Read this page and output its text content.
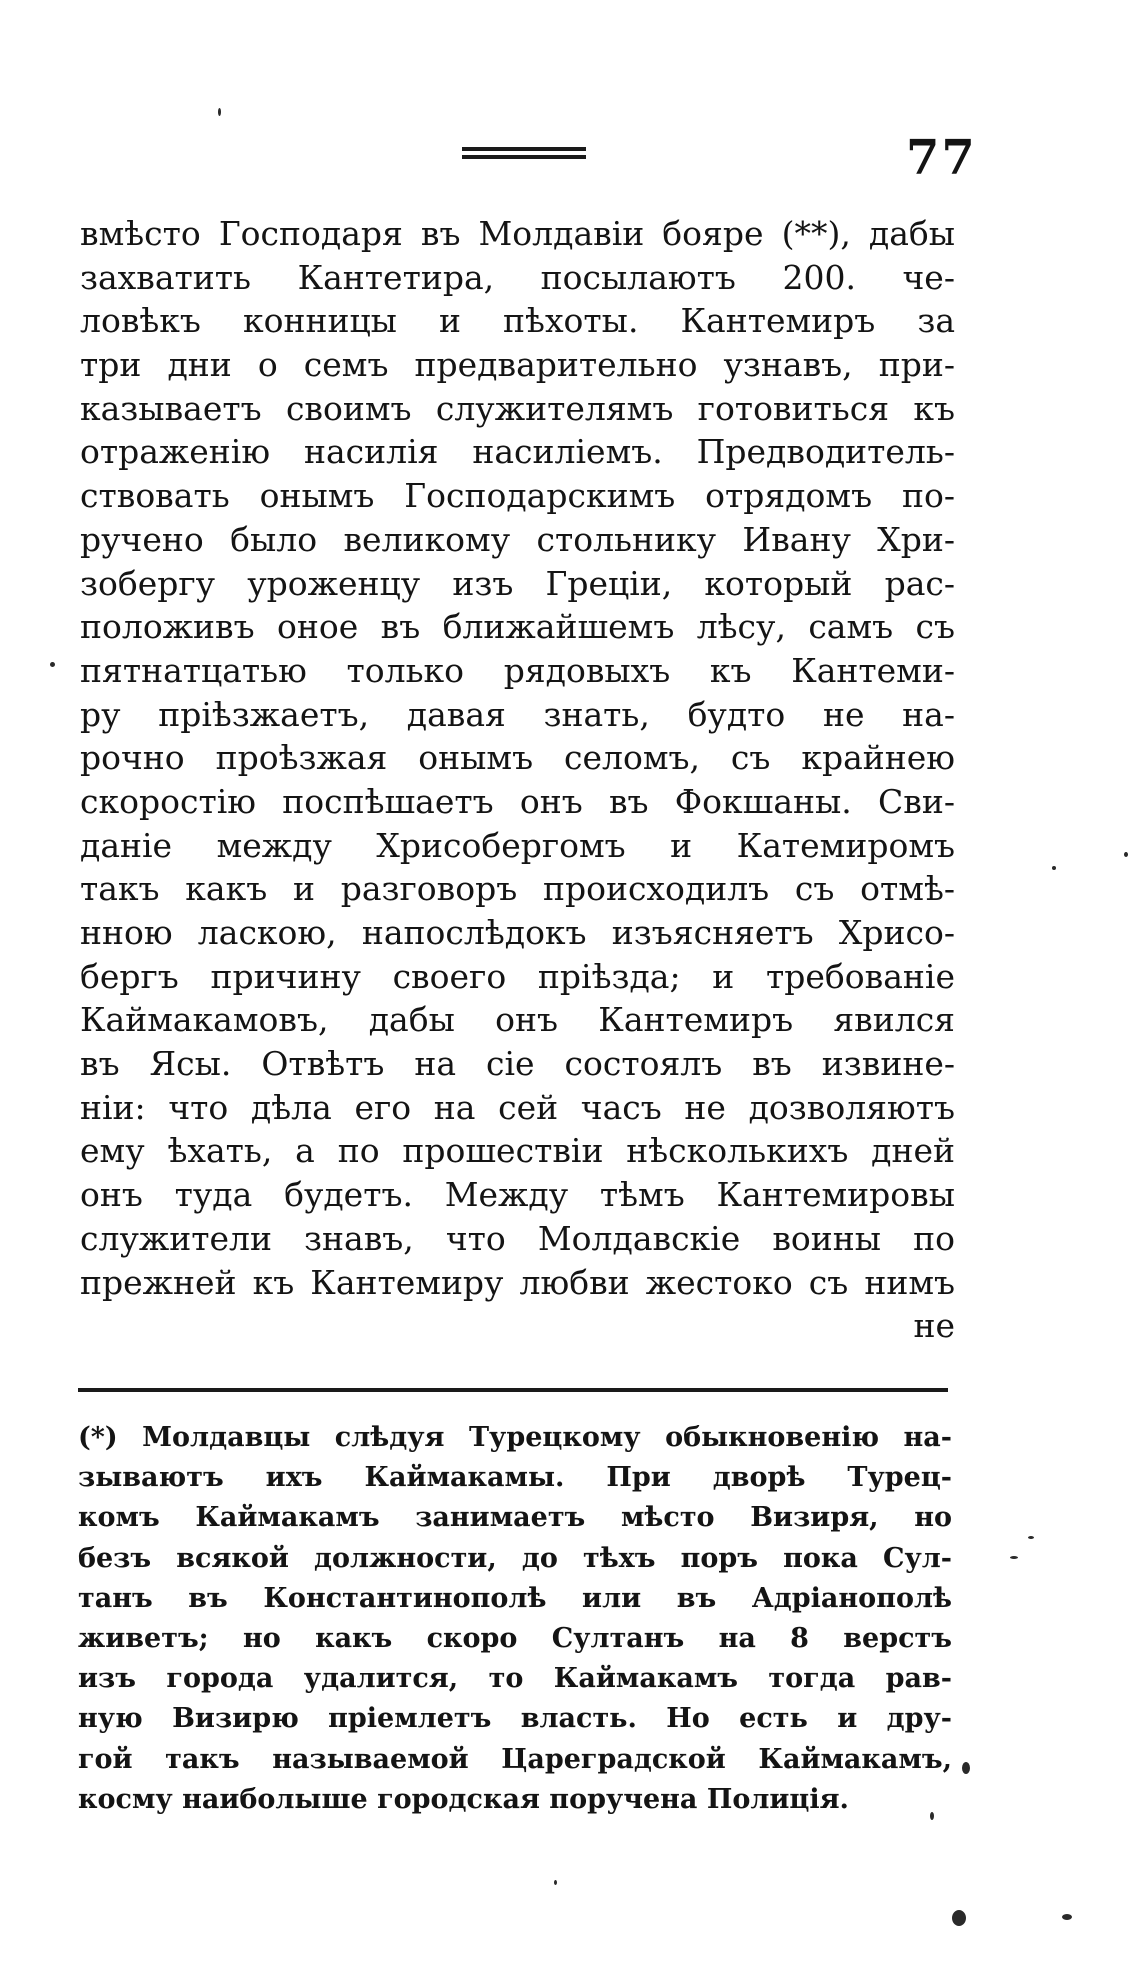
77
вмѣсто Господаря въ Молдавіи бояре (**), дабы
захватить Кантетира, посылаютъ 200. че-
ловѣкъ конницы и пѣхоты. Кантемиръ за
три дни о семъ предварительно узнавъ, при-
казываетъ своимъ служителямъ готовиться къ
отраженію насилія насиліемъ. Предводитель-
ствовать онымъ Господарскимъ отрядомъ по-
ручено было великому стольнику Ивану Хри-
зобергу уроженцу изъ Греціи, который рас-
положивъ оное въ ближайшемъ лѣсу, самъ съ
пятнатцатью только рядовыхъ къ Кантеми-
ру пріѣзжаетъ, давая знать, будто не на-
рочно проѣзжая онымъ селомъ, съ крайнею
скоростію поспѣшаетъ онъ въ Фокшаны. Сви-
даніе между Хрисобергомъ и Катемиромъ
такъ какъ и разговоръ происходилъ съ отмѣ-
нною ласкою, напослѣдокъ изъясняетъ Хрисо-
бергъ причину своего пріѣзда; и требованіе
Каймакамовъ, дабы онъ Кантемиръ явился
въ Ясы. Отвѣтъ на сіе состоялъ въ извине-
ніи: что дѣла его на сей часъ не дозволяютъ
ему ѣхать, а по прошествіи нѣсколькихъ дней
онъ туда будетъ. Между тѣмъ Кантемировы
служители знавъ, что Молдавскіе воины по
прежней къ Кантемиру любви жестоко съ нимъ
не
(*) Молдавцы слѣдуя Турецкому обыкновенію на-
зываютъ ихъ Каймакамы. При дворѣ Турец-
комъ Каймакамъ занимаетъ мѣсто Визиря, но
безъ всякой должности, до тѣхъ поръ пока Сул-
танъ въ Константинополѣ или въ Адріанополѣ
живетъ; но какъ скоро Султанъ на 8 верстъ
изъ города удалится, то Каймакамъ тогда рав-
ную Визирю пріемлетъ власть. Но есть и дру-
гой такъ называемой Цареградской Каймакамъ,
косму наиболыше городская поручена Полиція.
